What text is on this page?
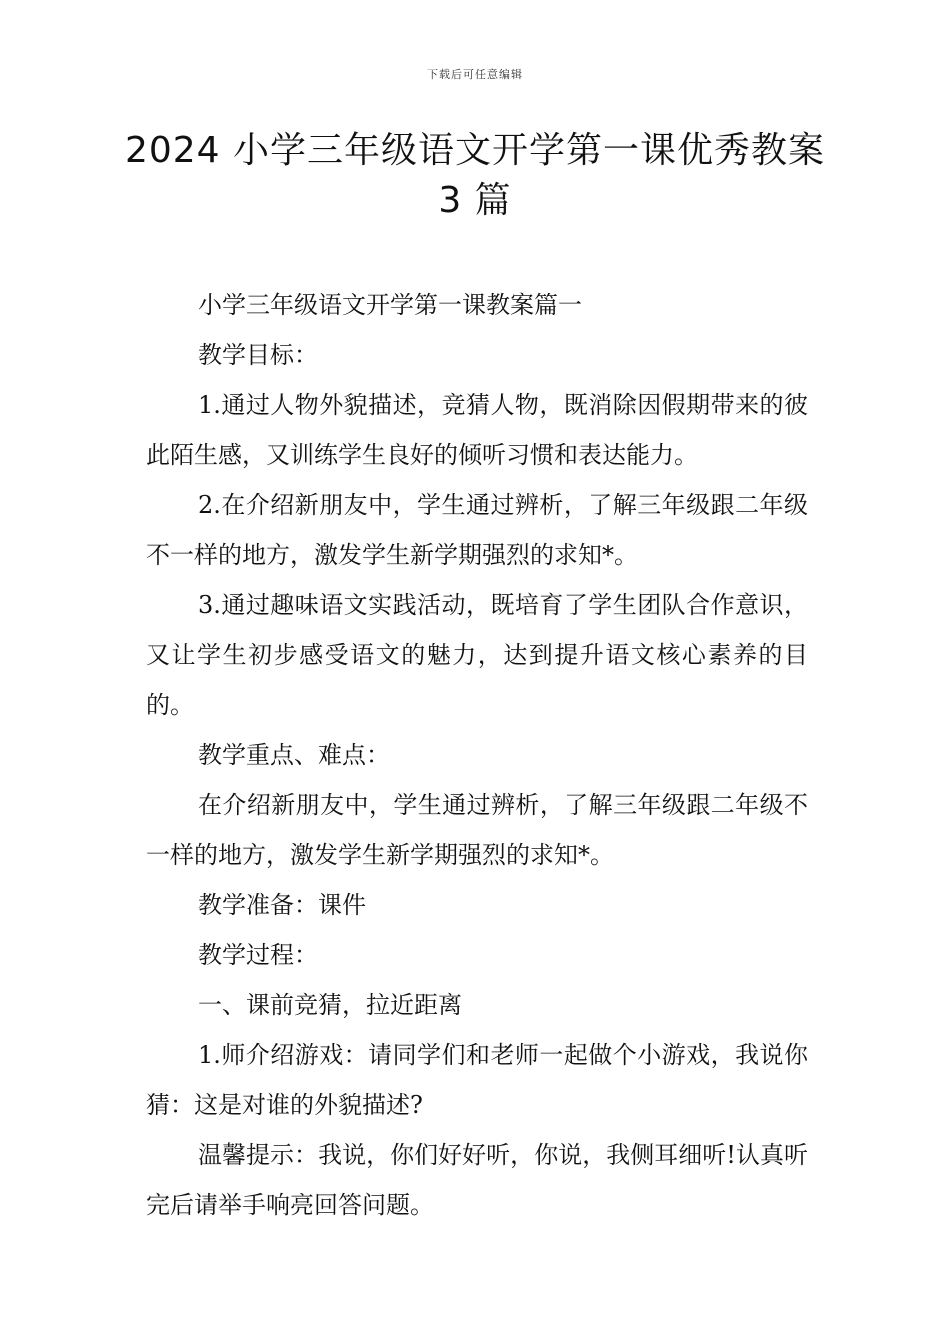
下载后可任意编辑
2024 小学三年级语文开学第一课优秀教案
3 篇

小学三年级语文开学第一课教案篇一

教学目标：

1.通过人物外貌描述，竞猜人物，既消除因假期带来的彼此陌生感，又训练学生良好的倾听习惯和表达能力。

2.在介绍新朋友中，学生通过辨析，了解三年级跟二年级不一样的地方，激发学生新学期强烈的求知*。

3.通过趣味语文实践活动，既培育了学生团队合作意识，又让学生初步感受语文的魅力，达到提升语文核心素养的目的。

教学重点、难点：

在介绍新朋友中，学生通过辨析，了解三年级跟二年级不一样的地方，激发学生新学期强烈的求知*。

教学准备：课件

教学过程：

一、课前竞猜，拉近距离

1.师介绍游戏：请同学们和老师一起做个小游戏，我说你猜：这是对谁的外貌描述?

温馨提示：我说，你们好好听，你说，我侧耳细听!认真听完后请举手响亮回答问题。
